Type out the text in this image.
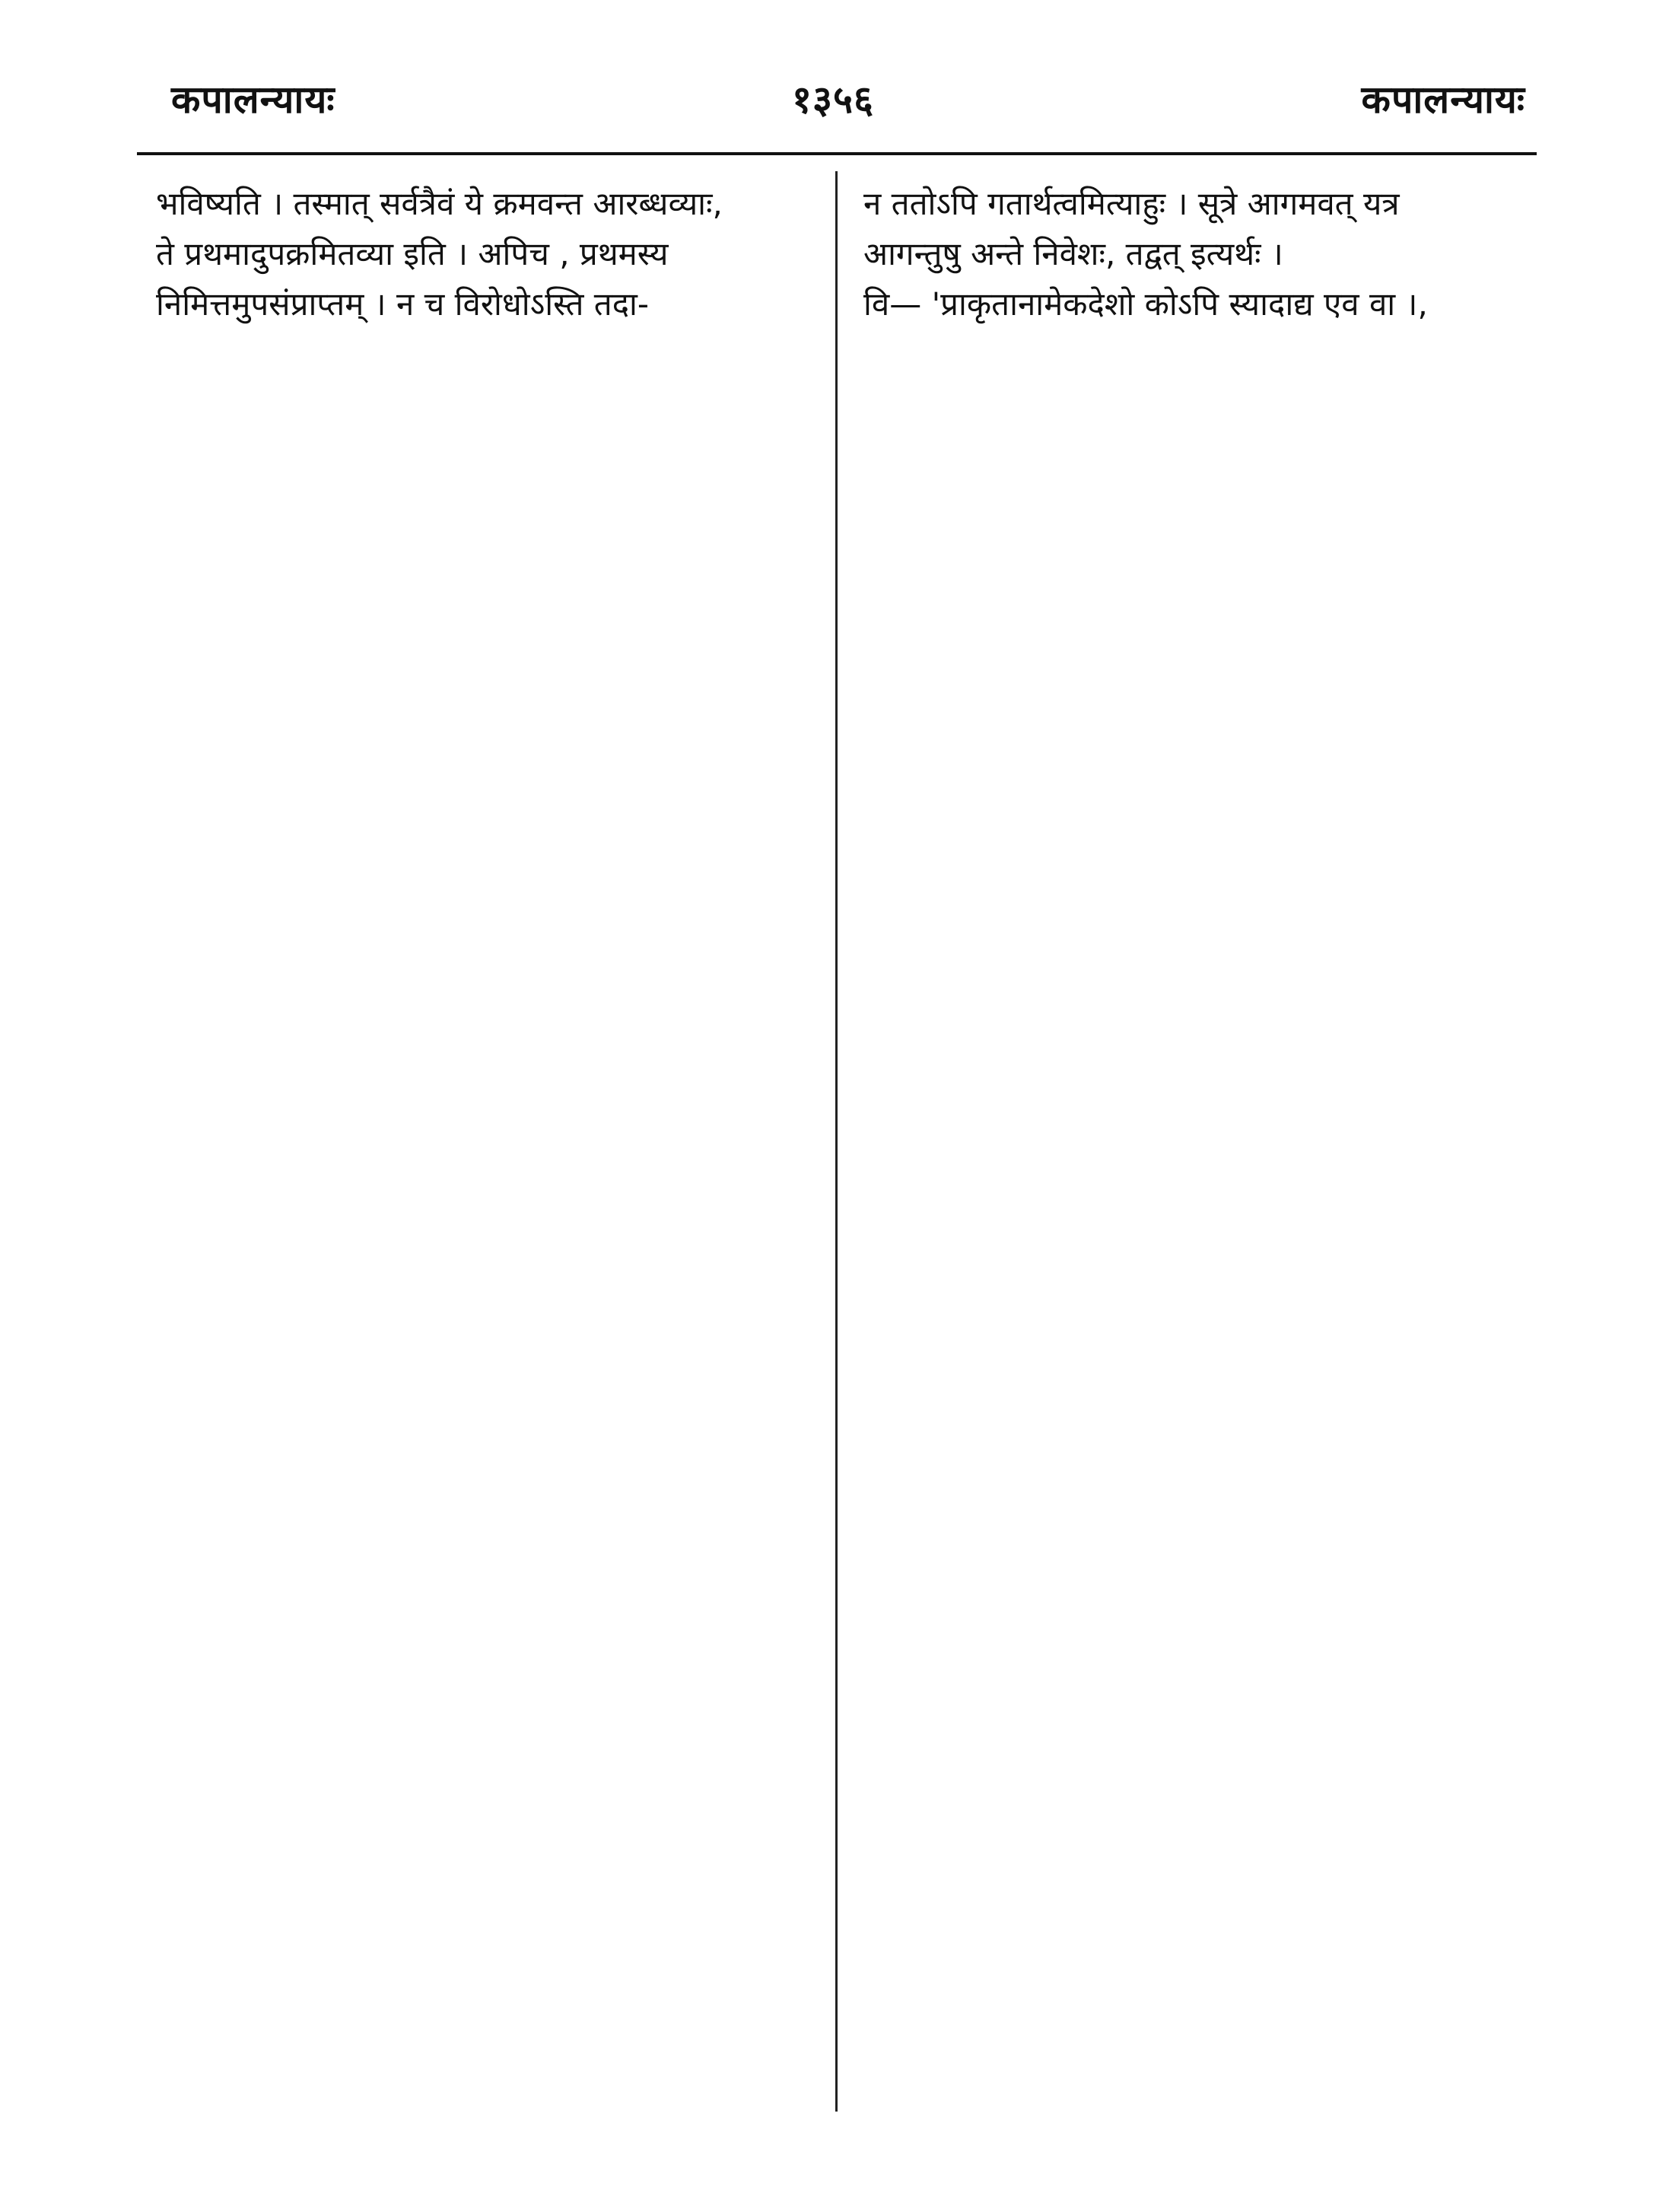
१३५६
कपालन्यायः	कपालन्यायः

भविष्यति । तस्मात् सर्वत्रैवं ये क्रमवन्त आरब्धव्याः,

ते प्रथमादुपक्रमितव्या इति । अपिच , प्रथमस्य

निमित्तमुपसंप्राप्तम् । न च विरोधोऽस्ति तदा-

न ततोऽपि गतार्थत्वमित्याहुः । सूत्रे आगमवत् यत्र

आगन्तुषु अन्ते निवेशः, तद्वत् इत्यर्थः ।

वि— 'प्राकृतानामेकदेशो कोऽपि स्यादाद्य एव वा ।,
